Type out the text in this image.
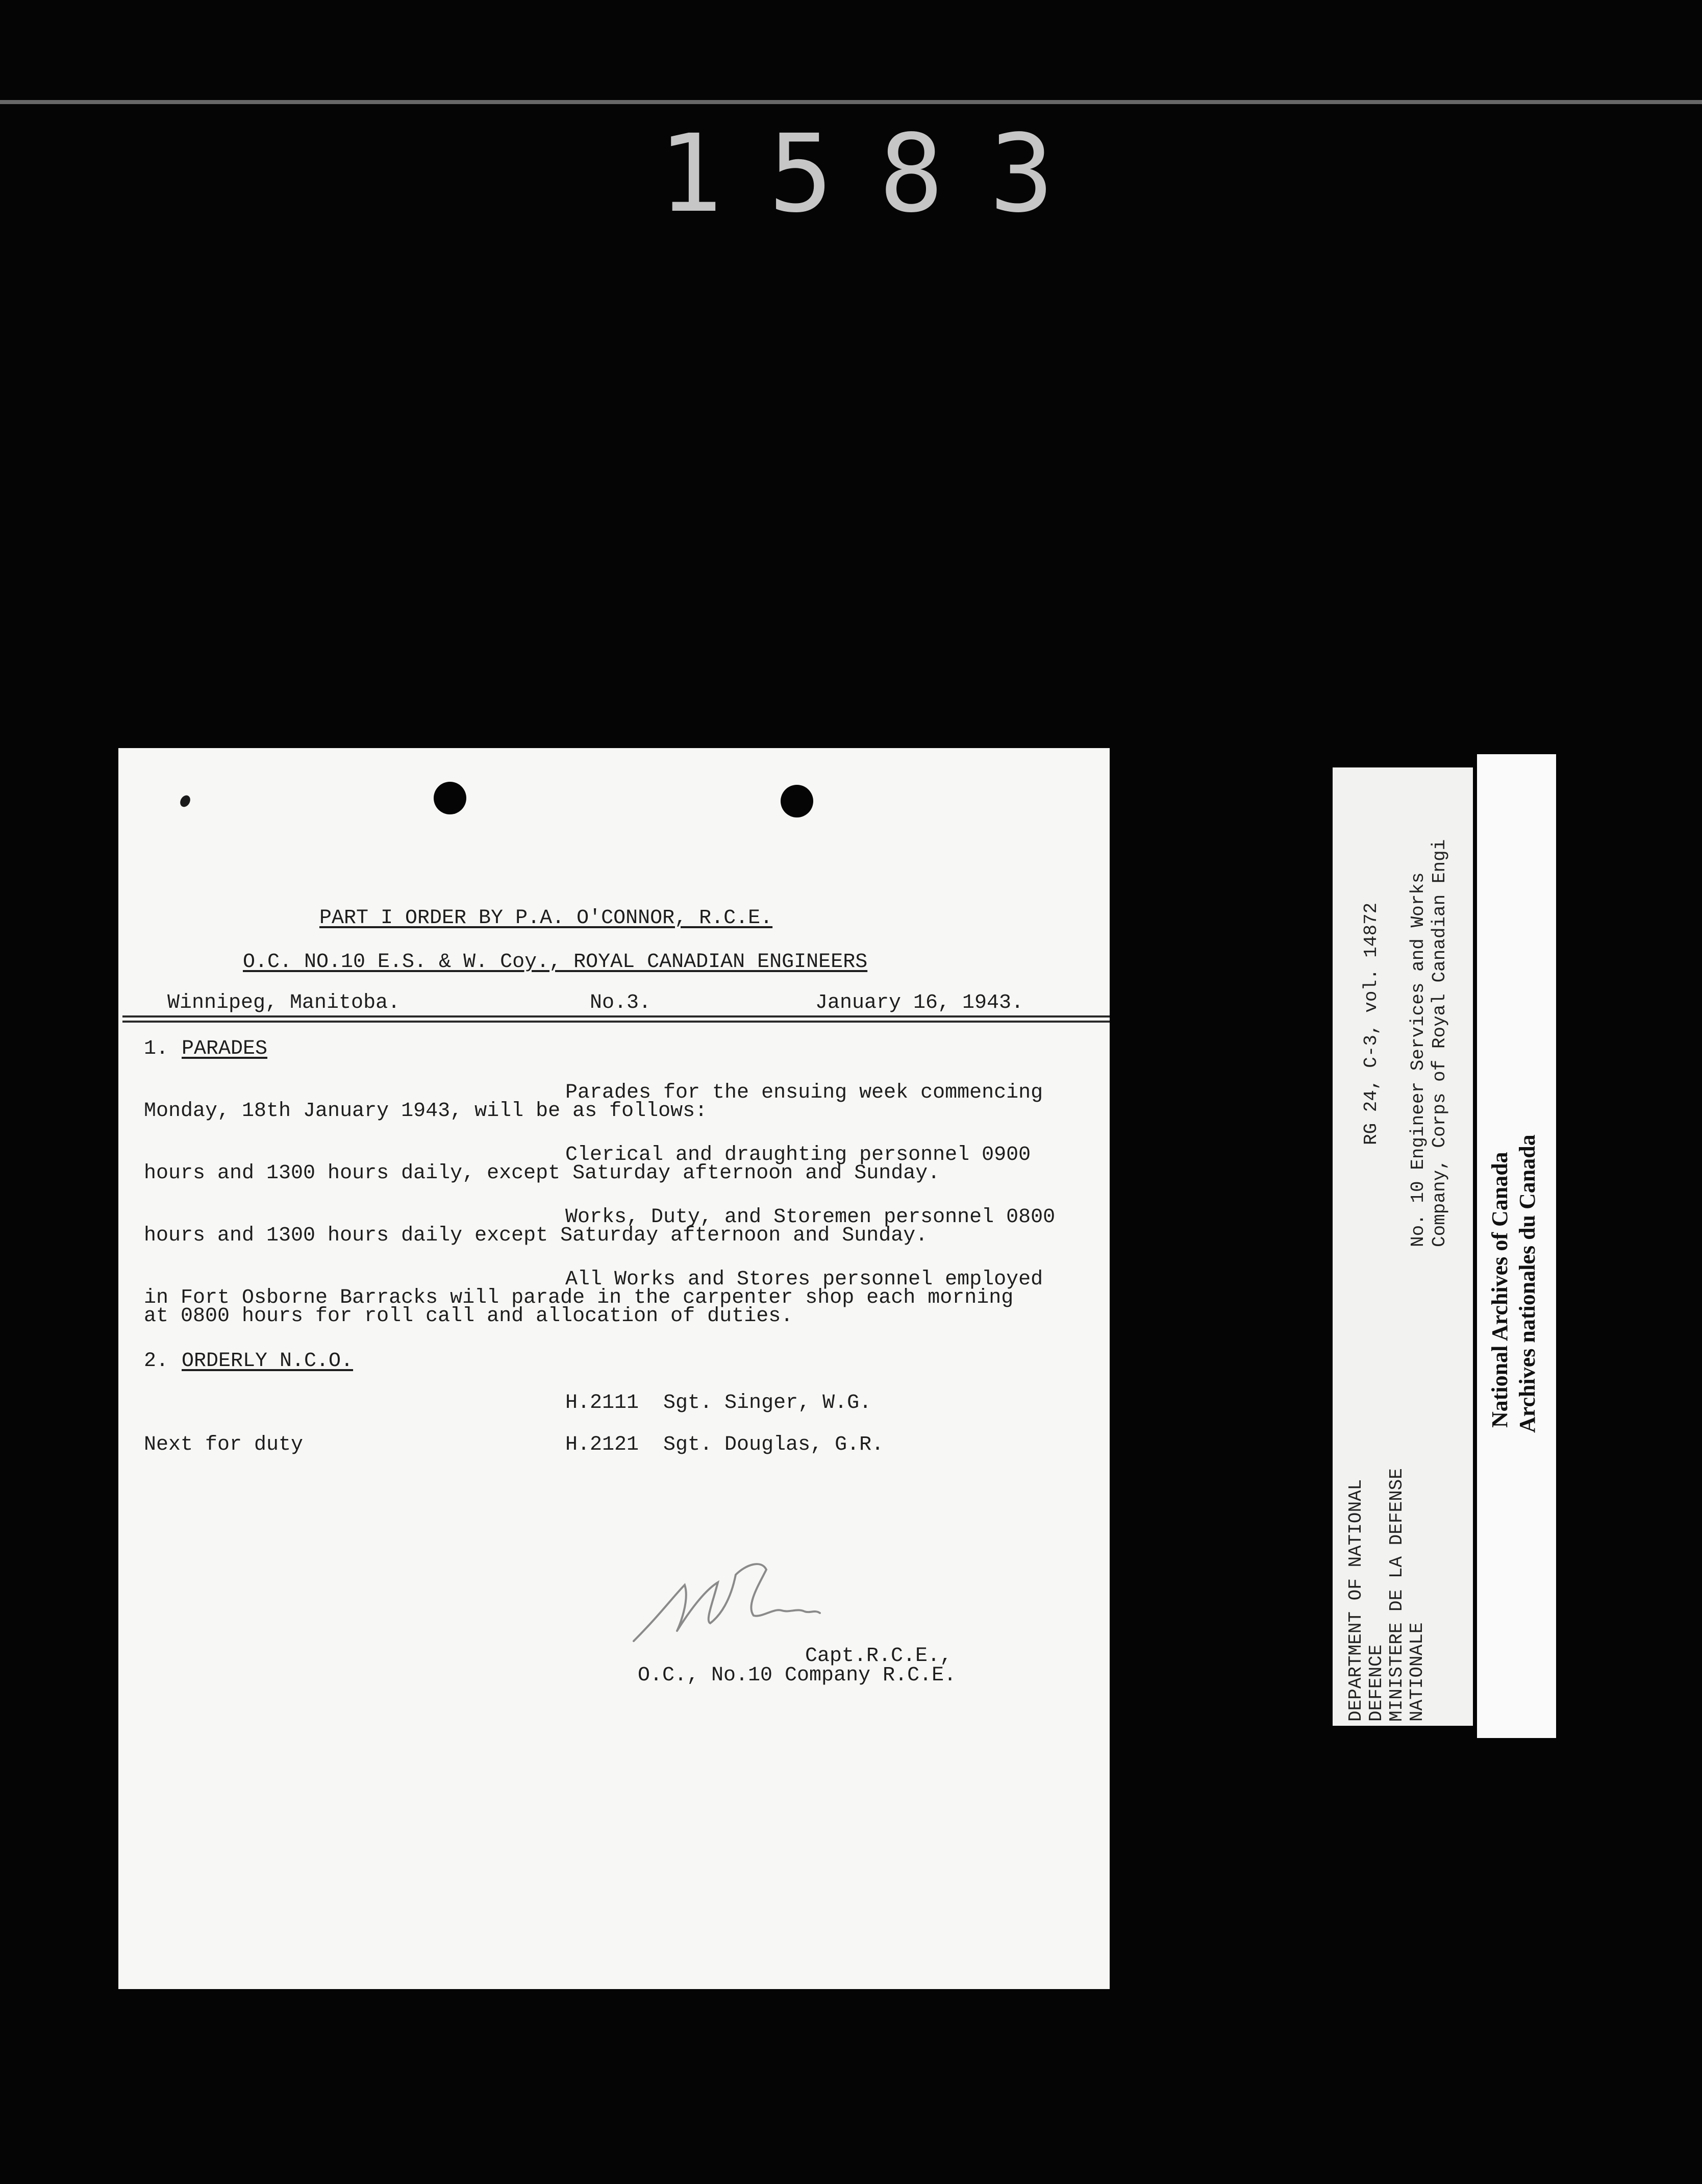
1583
PART I ORDER BY P.A. O'CONNOR, R.C.E.
O.C. NO.10 E.S. & W. Coy., ROYAL CANADIAN ENGINEERS
Winnipeg, Manitoba.	No.3.	January 16, 1943.
1. PARADES
Parades for the ensuing week commencing
Monday, 18th January 1943, will be as follows:
Clerical and draughting personnel 0900
hours and 1300 hours daily, except Saturday afternoon and Sunday.
Works, Duty, and Storemen personnel 0800
hours and 1300 hours daily except Saturday afternoon and Sunday.
All Works and Stores personnel employed
in Fort Osborne Barracks will parade in the carpenter shop each morning
at 0800 hours for roll call and allocation of duties.
2. ORDERLY N.C.O.
H.2111  Sgt. Singer, W.G.
Next for duty	H.2121  Sgt. Douglas, G.R.
Capt.R.C.E.,
O.C., No.10 Company R.C.E.
RG 24, C-3, vol. 14872 No. 10 Engineer Services and Works Company, Corps of Royal Canadian Engi
DEPARTMENT OF NATIONAL DEFENCE MINISTERE DE LA DEFENSE NATIONALE
National Archives of Canada Archives nationales du Canada
